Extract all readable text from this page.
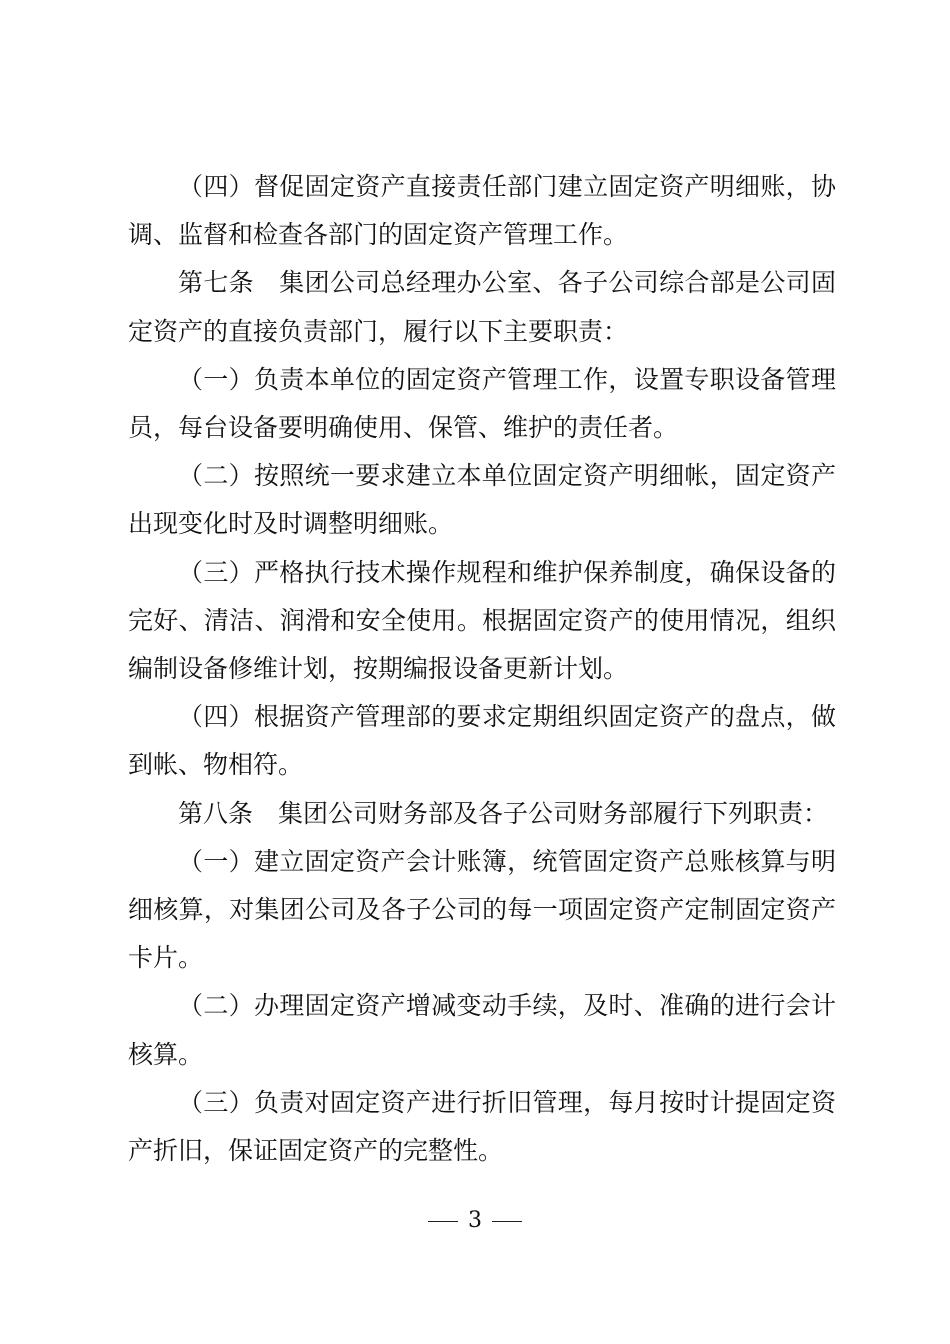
（四）督促固定资产直接责任部门建立固定资产明细账，协调、监督和检查各部门的固定资产管理工作。

第七条　集团公司总经理办公室、各子公司综合部是公司固定资产的直接负责部门，履行以下主要职责：

（一）负责本单位的固定资产管理工作，设置专职设备管理员，每台设备要明确使用、保管、维护的责任者。

（二）按照统一要求建立本单位固定资产明细帐，固定资产出现变化时及时调整明细账。

（三）严格执行技术操作规程和维护保养制度，确保设备的完好、清洁、润滑和安全使用。根据固定资产的使用情况，组织编制设备修维计划，按期编报设备更新计划。

（四）根据资产管理部的要求定期组织固定资产的盘点，做到帐、物相符。

第八条　集团公司财务部及各子公司财务部履行下列职责：

（一）建立固定资产会计账簿，统管固定资产总账核算与明细核算，对集团公司及各子公司的每一项固定资产定制固定资产卡片。

（二）办理固定资产增减变动手续，及时、准确的进行会计核算。

（三）负责对固定资产进行折旧管理，每月按时计提固定资产折旧，保证固定资产的完整性。

3
